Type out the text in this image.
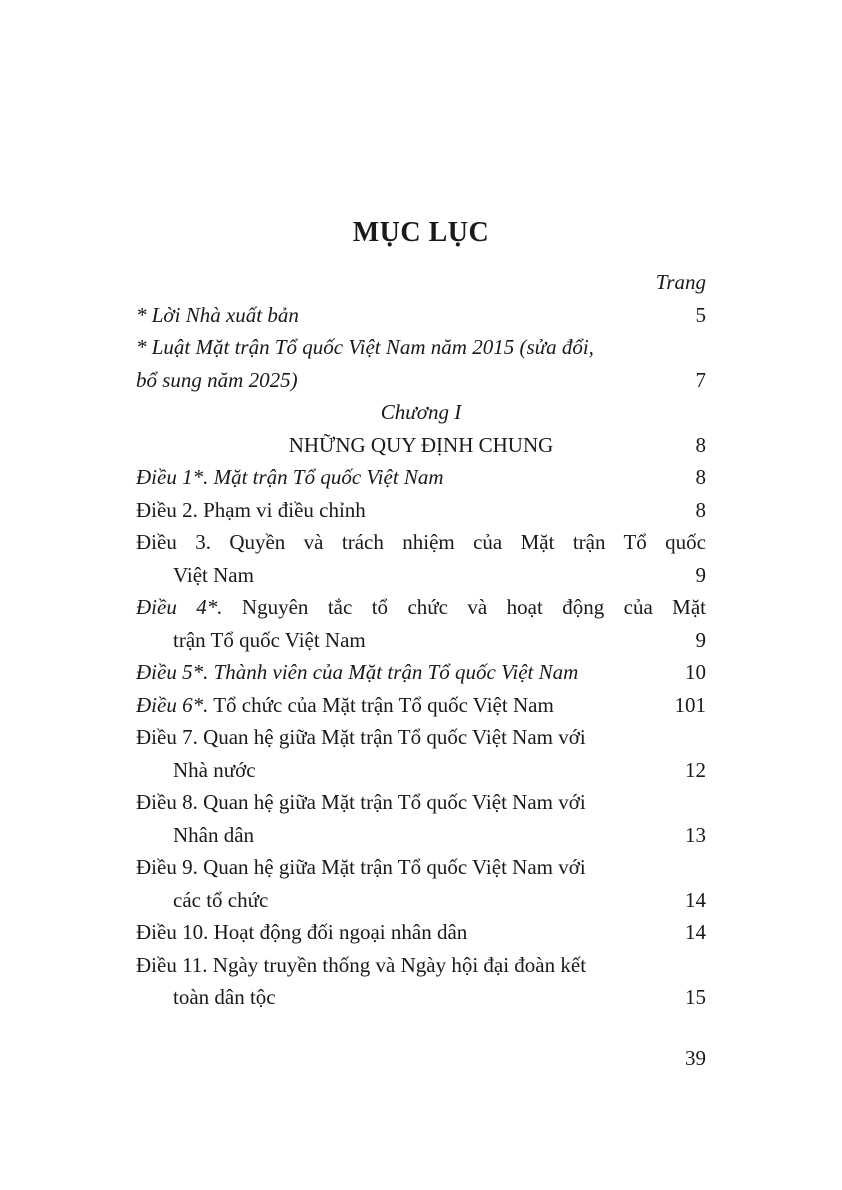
MỤC LỤC
Trang
* Lời Nhà xuất bản	5
* Luật Mặt trận Tổ quốc Việt Nam năm 2015 (sửa đổi,
bổ sung năm 2025)	7
Chương I
NHỮNG QUY ĐỊNH CHUNG	8
Điều 1*. Mặt trận Tổ quốc Việt Nam	8
Điều 2. Phạm vi điều chỉnh	8
Điều 3. Quyền và trách nhiệm của Mặt trận Tổ quốc
Việt Nam	9
Điều 4*. Nguyên tắc tổ chức và hoạt động của Mặt
trận Tổ quốc Việt Nam	9
Điều 5*. Thành viên của Mặt trận Tổ quốc Việt Nam	10
Điều 6*. Tổ chức của Mặt trận Tổ quốc Việt Nam	101
Điều 7. Quan hệ giữa Mặt trận Tổ quốc Việt Nam với
Nhà nước	12
Điều 8. Quan hệ giữa Mặt trận Tổ quốc Việt Nam với
Nhân dân	13
Điều 9. Quan hệ giữa Mặt trận Tổ quốc Việt Nam với
các tổ chức	14
Điều 10. Hoạt động đối ngoại nhân dân	14
Điều 11. Ngày truyền thống và Ngày hội đại đoàn kết
toàn dân tộc	15
39
